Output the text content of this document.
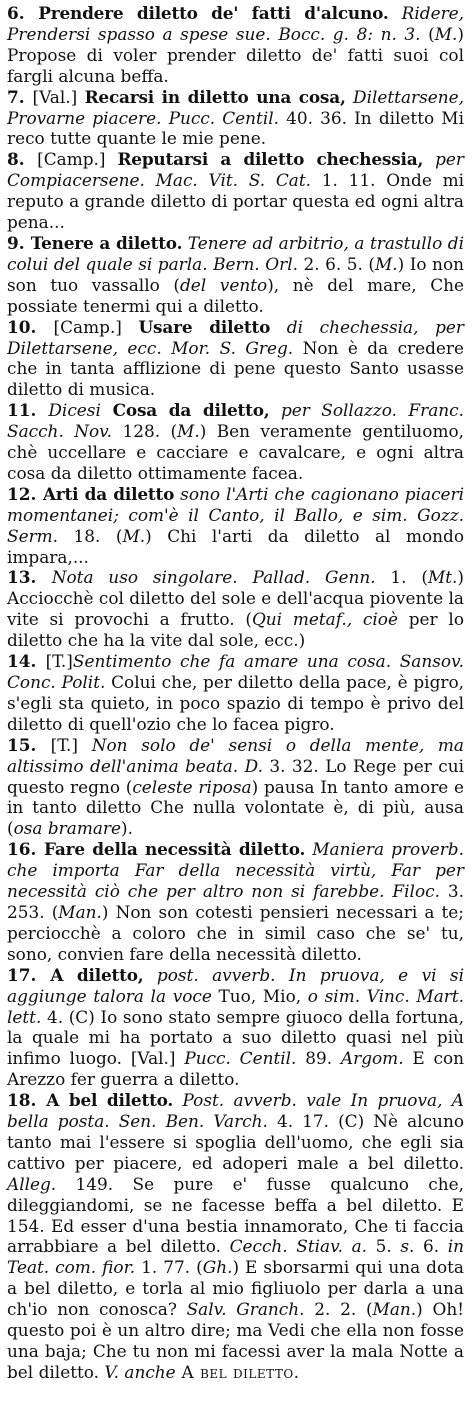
6. Prendere diletto de' fatti d'alcuno. Ridere, Prendersi spasso a spese sue. Bocc. g. 8: n. 3. (M.) Propose di voler prender diletto de' fatti suoi col fargli alcuna beffa.

7. [Val.] Recarsi in diletto una cosa, Dilettarsene, Provarne piacere. Pucc. Centil. 40. 36. In diletto Mi reco tutte quante le mie pene.

8. [Camp.] Reputarsi a diletto chechessia, per Compiacersene. Mac. Vit. S. Cat. 1. 11. Onde mi reputo a grande diletto di portar questa ed ogni altra pena...

9. Tenere a diletto. Tenere ad arbitrio, a trastullo di colui del quale si parla. Bern. Orl. 2. 6. 5. (M.) Io non son tuo vassallo (del vento), nè del mare, Che possiate tenermi qui a diletto.

10. [Camp.] Usare diletto di chechessia, per Dilettarsene, ecc. Mor. S. Greg. Non è da credere che in tanta afflizione di pene questo Santo usasse diletto di musica.

11. Dicesi Cosa da diletto, per Sollazzo. Franc. Sacch. Nov. 128. (M.) Ben veramente gentiluomo, chè uccellare e cacciare e cavalcare, e ogni altra cosa da diletto ottimamente facea.

12. Arti da diletto sono l'Arti che cagionano piaceri momentanei; com'è il Canto, il Ballo, e sim. Gozz. Serm. 18. (M.) Chi l'arti da diletto al mondo impara,...

13. Nota uso singolare. Pallad. Genn. 1. (Mt.) Acciocchè col diletto del sole e dell'acqua piovente la vite si provochi a frutto. (Qui metaf., cioè per lo diletto che ha la vite dal sole, ecc.)

14. [T.]Sentimento che fa amare una cosa. Sansov. Conc. Polit. Colui che, per diletto della pace, è pigro, s'egli sta quieto, in poco spazio di tempo è privo del diletto di quell'ozio che lo facea pigro.

15. [T.] Non solo de' sensi o della mente, ma altissimo dell'anima beata. D. 3. 32. Lo Rege per cui questo regno (celeste riposa) pausa In tanto amore e in tanto diletto Che nulla volontate è, di più, ausa (osa bramare).

16. Fare della necessità diletto. Maniera proverb. che importa Far della necessità virtù, Far per necessità ciò che per altro non si farebbe. Filoc. 3. 253. (Man.) Non son cotesti pensieri necessari a te; perciocchè a coloro che in simil caso che se' tu, sono, convien fare della necessità diletto.

17. A diletto, post. avverb. In pruova, e vi si aggiunge talora la voce Tuo, Mio, o sim. Vinc. Mart. lett. 4. (C) Io sono stato sempre giuoco della fortuna, la quale mi ha portato a suo diletto quasi nel più infimo luogo. [Val.] Pucc. Centil. 89. Argom. E con Arezzo fer guerra a diletto.

18. A bel diletto. Post. avverb. vale In pruova, A bella posta. Sen. Ben. Varch. 4. 17. (C) Nè alcuno tanto mai l'essere si spoglia dell'uomo, che egli sia cattivo per piacere, ed adoperi male a bel diletto. Alleg. 149. Se pure e' fusse qualcuno che, dileggiandomi, se ne facesse beffa a bel diletto. E 154. Ed esser d'una bestia innamorato, Che ti faccia arrabbiare a bel diletto. Cecch. Stiav. a. 5. s. 6. in Teat. com. fior. 1. 77. (Gh.) E sborsarmi qui una dota a bel diletto, e torla al mio figliuolo per darla a una ch'io non conosca? Salv. Granch. 2. 2. (Man.) Oh! questo poi è un altro dire; ma Vedi che ella non fosse una baja; Che tu non mi facessi aver la mala Notte a bel diletto. V. anche A bel diletto.
